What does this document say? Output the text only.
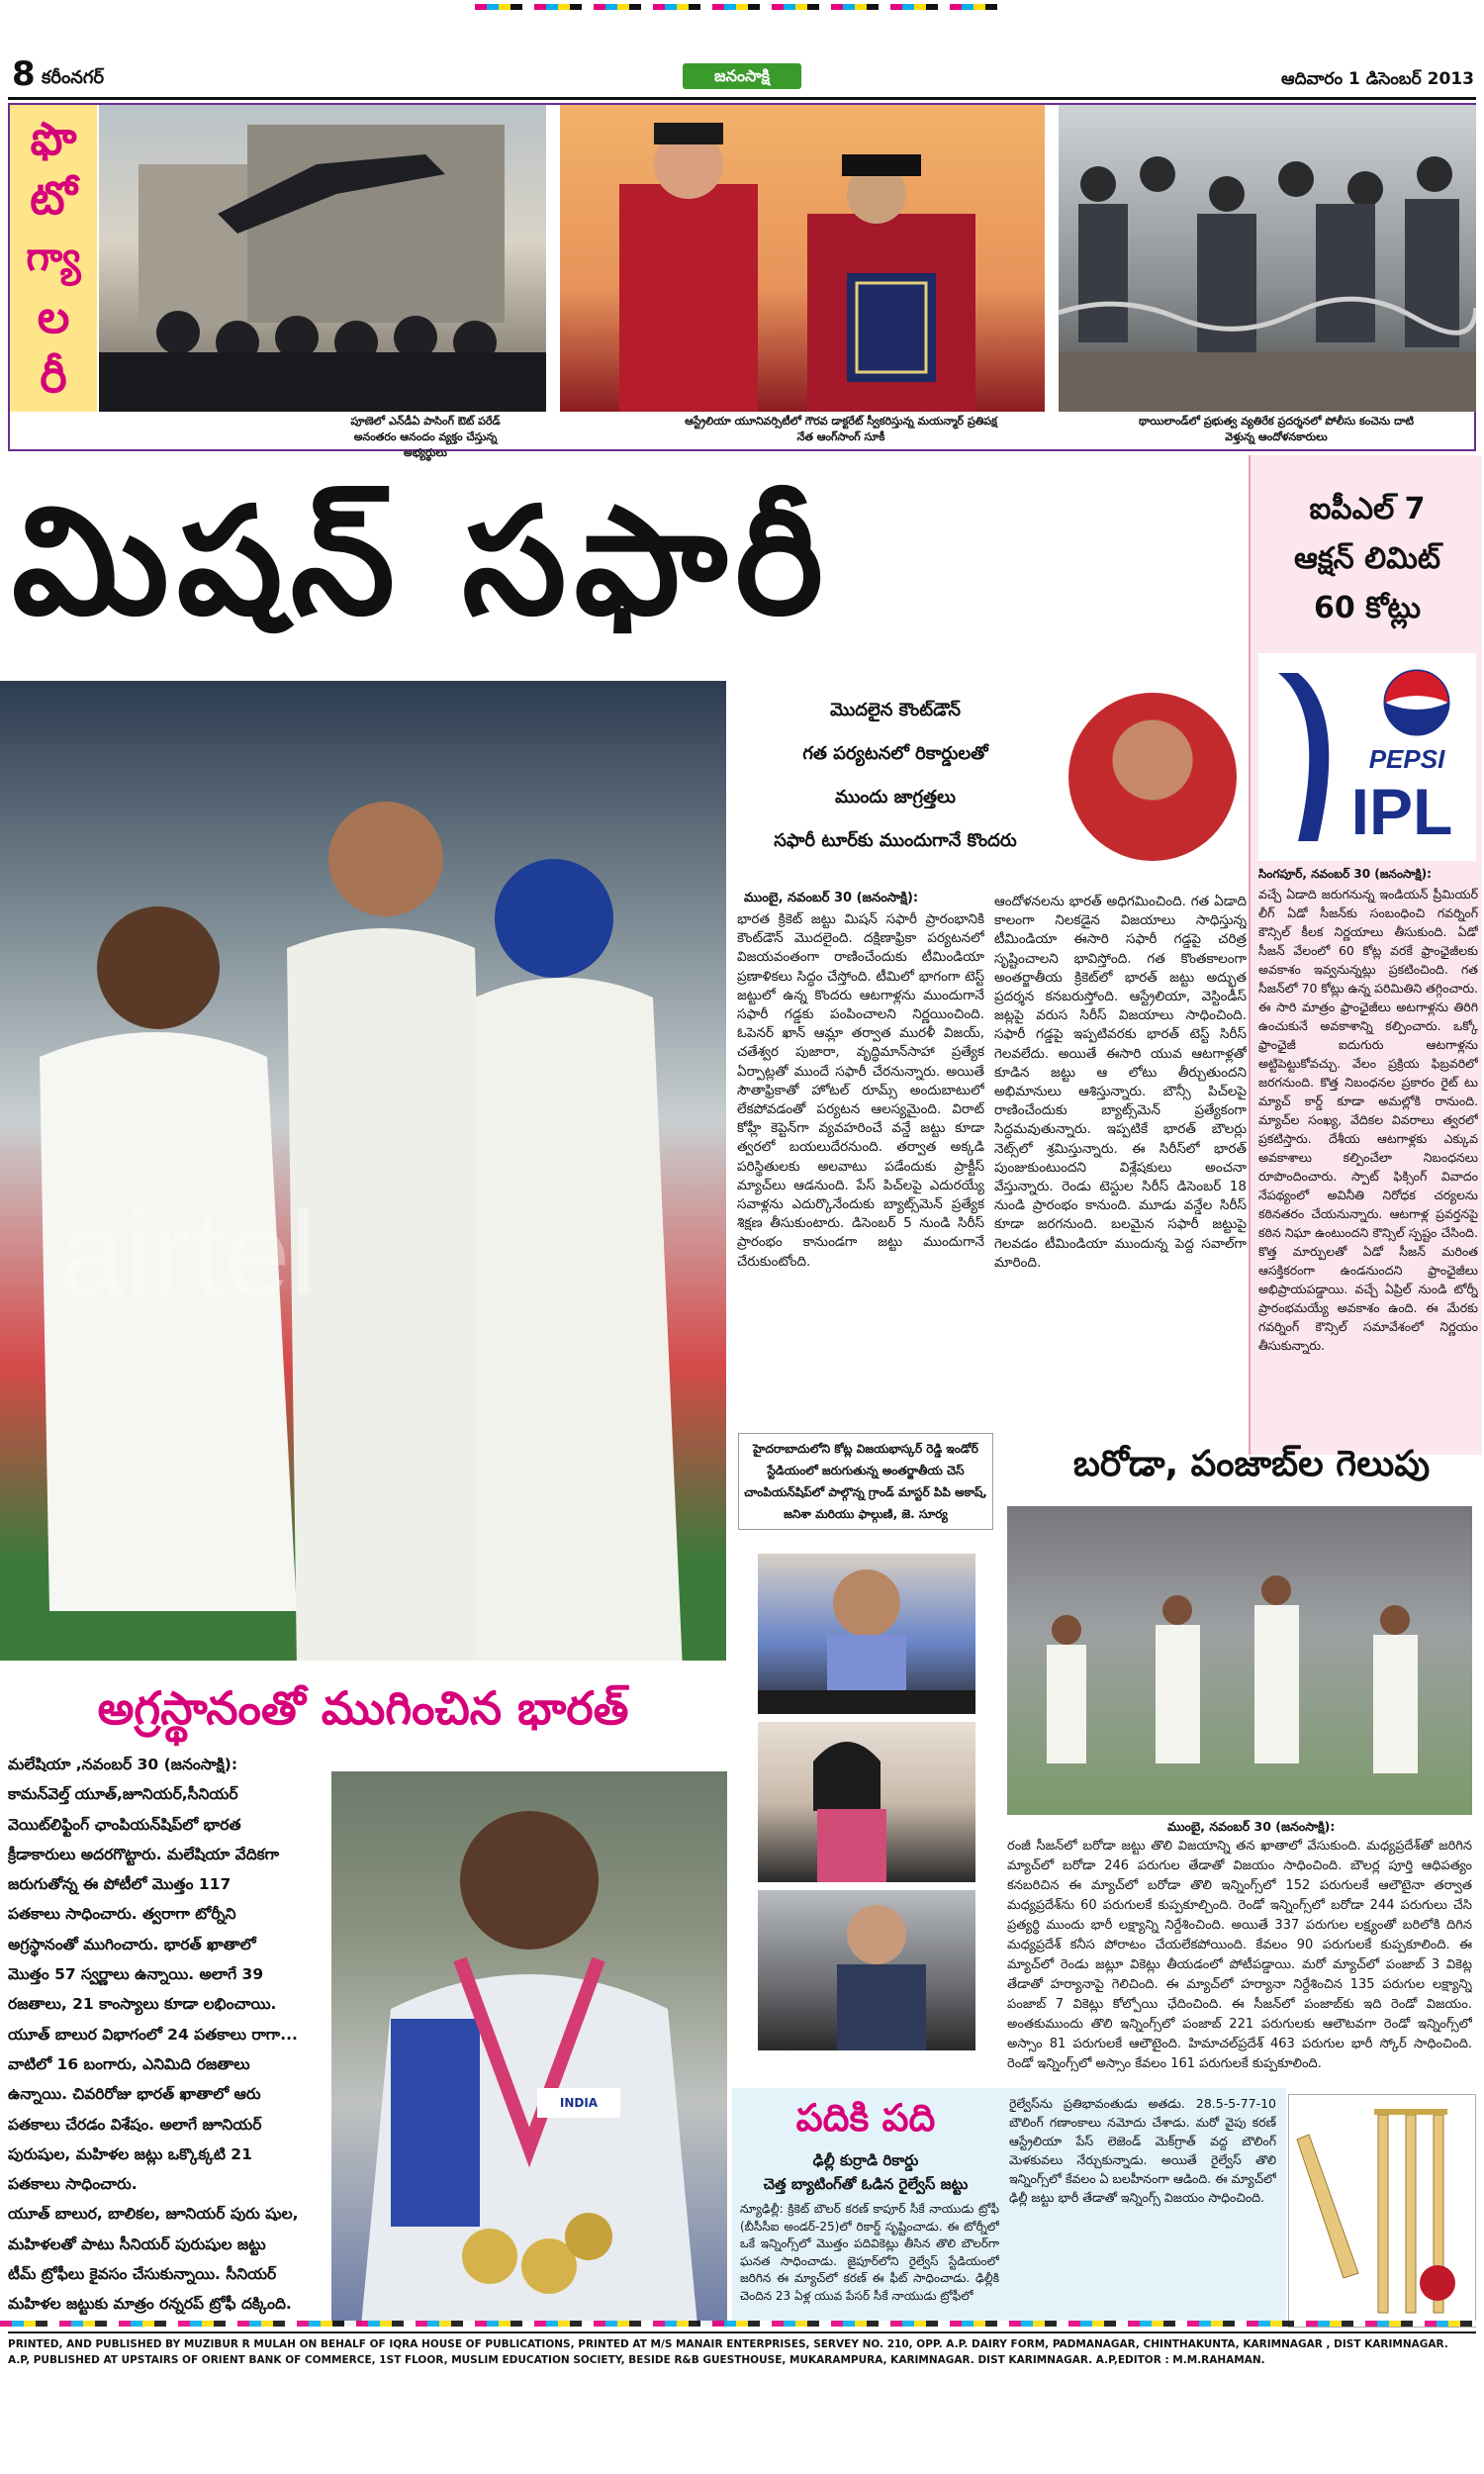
8 కరీంనగర్	జనంసాక్షి	ఆదివారం 1 డిసెంబర్ 2013
ఫొ
టో
గ్యా
ల
రీ
పూణెలో ఎన్‌డీఏ పాసింగ్ ఔట్ పరేడ్ అనంతరం ఆనందం వ్యక్తం చేస్తున్న అభ్యర్థులు
ఆస్ట్రేలియా యూనివర్సిటీలో గౌరవ డాక్టరేట్ స్వీకరిస్తున్న మయన్మార్ ప్రతిపక్ష నేత ఆంగ్‌సాంగ్ సూకీ
థాయిలాండ్‌లో ప్రభుత్వ వ్యతిరేక ప్రదర్శనలో పోలీసు కంచెను దాటి వెళ్తున్న ఆందోళనకారులు
మిషన్ సఫారీ
airtel
మొదలైన కౌంట్‌డౌన్
గత పర్యటనలో రికార్డులతో
ముందు జాగ్రత్తలు
సఫారీ టూర్‌కు ముందుగానే కొందరు
ముంబై, నవంబర్ 30 (జనంసాక్షి):
భారత క్రికెట్ జట్టు మిషన్ సఫారీ ప్రారంభానికి కౌంట్‌డౌన్ మొదలైంది. దక్షిణాఫ్రికా పర్యటనలో విజయవంతంగా రాణించేందుకు టీమిండియా ప్రణాళికలు సిద్ధం చేస్తోంది. టీమిలో భాగంగా టెస్ట్ జట్టులో ఉన్న కొందరు ఆటగాళ్లను ముందుగానే సఫారీ గడ్డకు పంపించాలని నిర్ణయించింది. ఓపెనర్ ఖాన్ ఆమ్లా తర్వాత మురళీ విజయ్, చతేశ్వర పుజారా, వృద్ధిమాన్‌సాహా ప్రత్యేక ఏర్పాట్లతో ముందే సఫారీ చేరనున్నారు. అయితే సౌతాఫ్రికాతో హోటల్ రూమ్స్ అందుబాటులో లేకపోవడంతో పర్యటన ఆలస్యమైంది. విరాట్ కోహ్లీ కెప్టెన్‌గా వ్యవహరించే వన్డే జట్టు కూడా త్వరలో బయలుదేరనుంది. తర్వాత అక్కడి పరిస్థితులకు అలవాటు పడేందుకు ప్రాక్టీస్ మ్యాచ్‌లు ఆడనుంది. పేస్ పిచ్‌లపై ఎదురయ్యే సవాళ్లను ఎదుర్కొనేందుకు బ్యాట్స్‌మెన్ ప్రత్యేక శిక్షణ తీసుకుంటారు. డిసెంబర్ 5 నుండి సిరీస్ ప్రారంభం కానుండగా జట్టు ముందుగానే చేరుకుంటోంది.
ఆందోళనలను భారత్ అధిగమించింది. గత ఏడాది కాలంగా నిలకడైన విజయాలు సాధిస్తున్న టీమిండియా ఈసారి సఫారీ గడ్డపై చరిత్ర సృష్టించాలని భావిస్తోంది. గత కొంతకాలంగా అంతర్జాతీయ క్రికెట్‌లో భారత్ జట్టు అద్భుత ప్రదర్శన కనబరుస్తోంది. ఆస్ట్రేలియా, వెస్టిండీస్ జట్లపై వరుస సిరీస్ విజయాలు సాధించింది. సఫారీ గడ్డపై ఇప్పటివరకు భారత్ టెస్ట్ సిరీస్ గెలవలేదు. అయితే ఈసారి యువ ఆటగాళ్లతో కూడిన జట్టు ఆ లోటు తీర్చుతుందని అభిమానులు ఆశిస్తున్నారు. బౌన్సీ పిచ్‌లపై రాణించేందుకు బ్యాట్స్‌మెన్ ప్రత్యేకంగా సిద్ధమవుతున్నారు. ఇప్పటికే భారత్ బౌలర్లు నెట్స్‌లో శ్రమిస్తున్నారు. ఈ సిరీస్‌లో భారత్ పుంజుకుంటుందని విశ్లేషకులు అంచనా వేస్తున్నారు. రెండు టెస్టుల సిరీస్ డిసెంబర్ 18 నుండి ప్రారంభం కానుంది. మూడు వన్డేల సిరీస్ కూడా జరగనుంది. బలమైన సఫారీ జట్టుపై గెలవడం టీమిండియా ముందున్న పెద్ద సవాల్‌గా మారింది.
ఐపీఎల్ 7
ఆక్షన్ లిమిట్
60 కోట్లు
PEPSI
IPL
సింగపూర్, నవంబర్ 30 (జనంసాక్షి):
వచ్చే ఏడాది జరుగనున్న ఇండియన్ ప్రీమియర్ లీగ్ ఏడో సీజన్‌కు సంబంధించి గవర్నింగ్ కౌన్సిల్ కీలక నిర్ణయాలు తీసుకుంది. ఏడో సీజన్ వేలంలో 60 కోట్ల వరకే ఫ్రాంఛైజీలకు అవకాశం ఇవ్వనున్నట్లు ప్రకటించింది. గత సీజన్‌లో 70 కోట్లు ఉన్న పరిమితిని తగ్గించారు. ఈ సారి మాత్రం ఫ్రాంఛైజీలు అటగాళ్లను తిరిగి ఉంచుకునే అవకాశాన్ని కల్పించారు. ఒక్కో ఫ్రాంఛైజీ ఐదుగురు ఆటగాళ్లను అట్టిపెట్టుకోవచ్చు. వేలం ప్రక్రియ ఫిబ్రవరిలో జరగనుంది. కొత్త నిబంధనల ప్రకారం రైట్ టు మ్యాచ్ కార్డ్ కూడా అమల్లోకి రానుంది. మ్యాచ్‌ల సంఖ్య, వేదికల వివరాలు త్వరలో ప్రకటిస్తారు. దేశీయ ఆటగాళ్లకు ఎక్కువ అవకాశాలు కల్పించేలా నిబంధనలు రూపొందించారు. స్పాట్ ఫిక్సింగ్ వివాదం నేపథ్యంలో అవినీతి నిరోధక చర్యలను కఠినతరం చేయనున్నారు. ఆటగాళ్ల ప్రవర్తనపై కఠిన నిఘా ఉంటుందని కౌన్సిల్ స్పష్టం చేసింది. కొత్త మార్పులతో ఏడో సీజన్ మరింత ఆసక్తికరంగా ఉండనుందని ఫ్రాంఛైజీలు అభిప్రాయపడ్డాయి. వచ్చే ఏప్రిల్ నుండి టోర్నీ ప్రారంభమయ్యే అవకాశం ఉంది. ఈ మేరకు గవర్నింగ్ కౌన్సిల్ సమావేశంలో నిర్ణయం తీసుకున్నారు.
హైదరాబాదులోని కోట్ల విజయభాస్కర్ రెడ్డి ఇండోర్ స్టేడియంలో జరుగుతున్న అంతర్జాతీయ చెస్ చాంపియన్‌షిప్‌లో పాల్గొన్న గ్రాండ్ మాస్టర్ పిపి అకాష్, జనిశా మరియు ఫాల్గుణి, జె. సూర్య
బరోడా, పంజాబ్‌ల గెలుపు
ముంబై, నవంబర్ 30 (జనంసాక్షి):
రంజీ సీజన్‌లో బరోడా జట్టు తొలి విజయాన్ని తన ఖాతాలో వేసుకుంది. మధ్యప్రదేశ్‌తో జరిగిన మ్యాచ్‌లో బరోడా 246 పరుగుల తేడాతో విజయం సాధించింది. బౌలర్ల పూర్తి ఆధిపత్యం కనబరిచిన ఈ మ్యాచ్‌లో బరోడా తొలి ఇన్నింగ్స్‌లో 152 పరుగులకే ఆలౌటైనా తర్వాత మధ్యప్రదేశ్‌ను 60 పరుగులకే కుప్పకూల్చింది. రెండో ఇన్నింగ్స్‌లో బరోడా 244 పరుగులు చేసి ప్రత్యర్థి ముందు భారీ లక్ష్యాన్ని నిర్దేశించింది. అయితే 337 పరుగుల లక్ష్యంతో బరిలోకి దిగిన మధ్యప్రదేశ్ కనీస పోరాటం చేయలేకపోయింది. కేవలం 90 పరుగులకే కుప్పకూలింది. ఈ మ్యాచ్‌లో రెండు జట్లూ వికెట్లు తీయడంలో పోటీపడ్డాయి. మరో మ్యాచ్‌లో పంజాబ్ 3 వికెట్ల తేడాతో హర్యానాపై గెలిచింది. ఈ మ్యాచ్‌లో హర్యానా నిర్దేశించిన 135 పరుగుల లక్ష్యాన్ని పంజాబ్ 7 వికెట్లు కోల్పోయి ఛేదించింది. ఈ సీజన్‌లో పంజాబ్‌కు ఇది రెండో విజయం. అంతకుముందు తొలి ఇన్నింగ్స్‌లో పంజాబ్ 221 పరుగులకు ఆలౌటవగా రెండో ఇన్నింగ్స్‌లో అస్సాం 81 పరుగులకే ఆలౌటైంది. హిమాచల్‌ప్రదేశ్ 463 పరుగుల భారీ స్కోర్ సాధించింది. రెండో ఇన్నింగ్స్‌లో అస్సాం కేవలం 161 పరుగులకే కుప్పకూలింది.
అగ్రస్థానంతో ముగించిన భారత్
మలేషియా ,నవంబర్ 30 (జనంసాక్షి):
కామన్‌వెల్త్ యూత్,జూనియర్,సీనియర్
వెయిట్‌లిఫ్టింగ్ ఛాంపియన్‌షిప్‌లో భారత
క్రీడాకారులు అదరగొట్టారు. మలేషియా వేదికగా
జరుగుతోన్న ఈ పోటీలో మొత్తం 117
పతకాలు సాధించారు. త్వరాగా టోర్నీని
అగ్రస్థానంతో ముగించారు. భారత్ ఖాతాలో
మొత్తం 57 స్వర్ణాలు ఉన్నాయి. అలాగే 39
రజతాలు, 21 కాంస్యాలు కూడా లభించాయి.
యూత్ బాలుర విభాగంలో 24 పతకాలు రాగా...
వాటిలో 16 బంగారు, ఎనిమిది రజతాలు
ఉన్నాయి. చివరిరోజు భారత్ ఖాతాలో ఆరు
పతకాలు చేరడం విశేషం. అలాగే జూనియర్
పురుషుల, మహిళల జట్లు ఒక్కొక్కటి 21
పతకాలు సాధించారు.
యూత్ బాలుర, బాలికల, జూనియర్ పురు షుల,
మహిళలతో పాటు సీనియర్ పురుషుల జట్టు
టీమ్ ట్రోఫీలు కైవసం చేసుకున్నాయి. సీనియర్
మహిళల జట్టుకు మాత్రం రన్నరప్ ట్రోఫీ దక్కింది.
INDIA	పదికి పది
ఢిల్లీ కుర్రాడి రికార్డు
చెత్త బ్యాటింగ్‌తో ఓడిన రైల్వేస్ జట్టు
న్యూఢిల్లీ: క్రికెట్ బౌలర్ కరణ్ కాపూర్ సీకే నాయుడు ట్రోఫీ (బీసీసీఐ అండర్-25)లో రికార్డ్ సృష్టించాడు. ఈ టోర్నీలో ఒకే ఇన్నింగ్స్‌లో మొత్తం పదివికెట్లు తీసిన తొలి బౌలర్‌గా ఘనత సాధించాడు. జైపూర్‌లోని రైల్వేస్ స్టేడియంలో జరిగిన ఈ మ్యాచ్‌లో కరణ్ ఈ ఫీట్ సాధించాడు. ఢిల్లీకి చెందిన 23 ఏళ్ల యువ పేసర్ సీకే నాయుడు ట్రోఫీలో
రైల్వేస్‌ను ప్రతిభావంతుడు అతడు. 28.5-5-77-10 బౌలింగ్ గణాంకాలు నమోదు చేశాడు. మరో వైపు కరణ్ ఆస్ట్రేలియా పేస్ లెజెండ్ మెక్‌గ్రాత్ వద్ద బౌలింగ్ మెళకువలు నేర్చుకున్నాడు. అయితే రైల్వేస్ తొలి ఇన్నింగ్స్‌లో కేవలం ఏ బలహీనంగా ఆడింది. ఈ మ్యాచ్‌లో ఢిల్లీ జట్టు భారీ తేడాతో ఇన్నింగ్స్ విజయం సాధించింది.
PRINTED, AND PUBLISHED BY MUZIBUR R MULAH ON BEHALF OF IQRA HOUSE OF PUBLICATIONS, PRINTED AT M/S MANAIR ENTERPRISES, SERVEY NO. 210, OPP. A.P. DAIRY FORM, PADMANAGAR, CHINTHAKUNTA, KARIMNAGAR , DIST KARIMNAGAR.
A.P, PUBLISHED AT UPSTAIRS OF ORIENT BANK OF COMMERCE, 1ST FLOOR, MUSLIM EDUCATION SOCIETY, BESIDE R&B GUESTHOUSE, MUKARAMPURA, KARIMNAGAR. DIST KARIMNAGAR. A.P,EDITOR : M.M.RAHAMAN.
